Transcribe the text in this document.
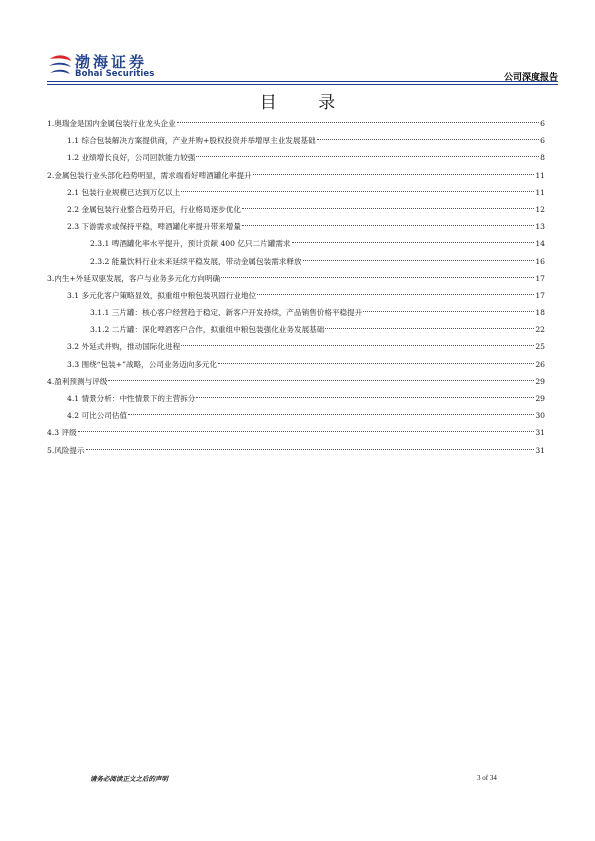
渤海证券
Bohai Securities	公司深度报告
目 录
1.奥瑞金是国内金属包装行业龙头企业	6
1.1 综合包装解决方案提供商，产业并购+股权投资并举增厚主业发展基础	6
1.2 业绩增长良好，公司回款能力较强	8
2.金属包装行业头部化趋势明显，需求端看好啤酒罐化率提升	11
2.1 包装行业规模已达到万亿以上	11
2.2 金属包装行业整合趋势开启，行业格局逐步优化	12
2.3 下游需求或保持平稳，啤酒罐化率提升带来增量	13
2.3.1 啤酒罐化率水平提升，预计贡献 400 亿只二片罐需求	14
2.3.2 能量饮料行业未来延续平稳发展，带动金属包装需求释放	16
3.内生+外延双驱发展，客户与业务多元化方向明确	17
3.1 多元化客户策略显效，拟重组中粮包装巩固行业地位	17
3.1.1 三片罐：核心客户经营趋于稳定、新客户开发持续，产品销售价格平稳提升	18
3.1.2 二片罐：深化啤酒客户合作，拟重组中粮包装强化业务发展基础	22
3.2 外延式并购，推动国际化进程	25
3.3 围绕“包装+”战略，公司业务迈向多元化	26
4.盈利预测与评级	29
4.1 情景分析：中性情景下的主营拆分	29
4.2 可比公司估值	30
4.3 评级	31
5.风险提示	31
请务必阅读正文之后的声明	3 of 34
